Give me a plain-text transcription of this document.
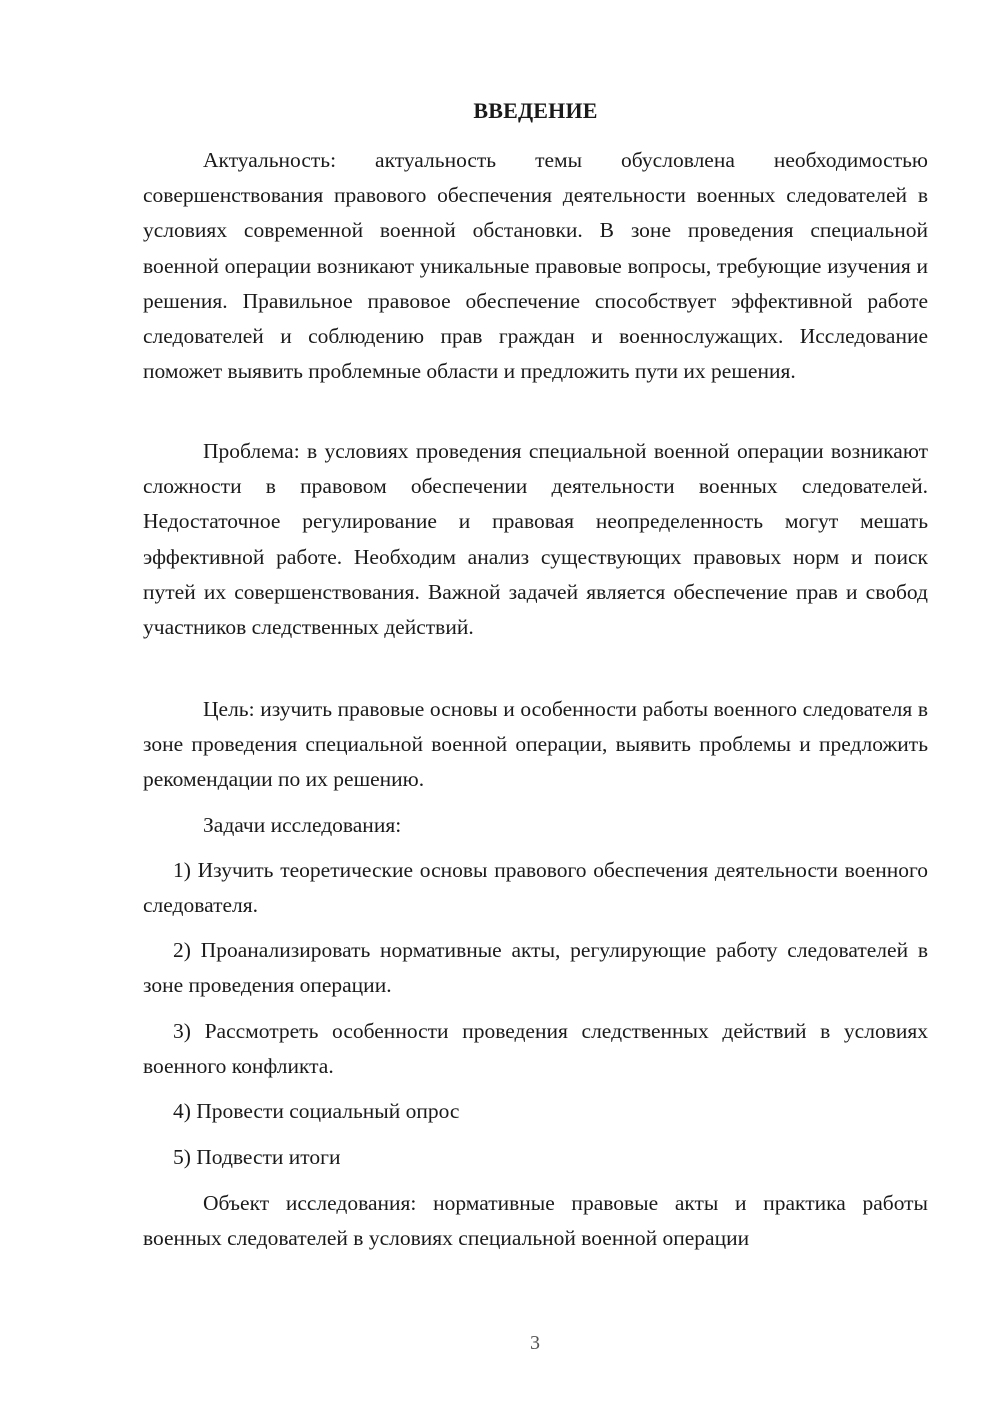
ВВЕДЕНИЕ

Актуальность: актуальность темы обусловлена необходимостью совершенствования правового обеспечения деятельности военных следователей в условиях современной военной обстановки. В зоне проведения специальной военной операции возникают уникальные правовые вопросы, требующие изучения и решения. Правильное правовое обеспечение способствует эффективной работе следователей и соблюдению прав граждан и военнослужащих. Исследование поможет выявить проблемные области и предложить пути их решения.

Проблема: в условиях проведения специальной военной операции возникают сложности в правовом обеспечении деятельности военных следователей. Недостаточное регулирование и правовая неопределенность могут мешать эффективной работе. Необходим анализ существующих правовых норм и поиск путей их совершенствования. Важной задачей является обеспечение прав и свобод участников следственных действий.

Цель: изучить правовые основы и особенности работы военного следователя в зоне проведения специальной военной операции, выявить проблемы и предложить рекомендации по их решению.

Задачи исследования:

1) Изучить теоретические основы правового обеспечения деятельности военного следователя.

2) Проанализировать нормативные акты, регулирующие работу следователей в зоне проведения операции.

3) Рассмотреть особенности проведения следственных действий в условиях военного конфликта.

4) Провести социальный опрос

5) Подвести итоги

Объект исследования: нормативные правовые акты и практика работы военных следователей в условиях специальной военной операции

3
